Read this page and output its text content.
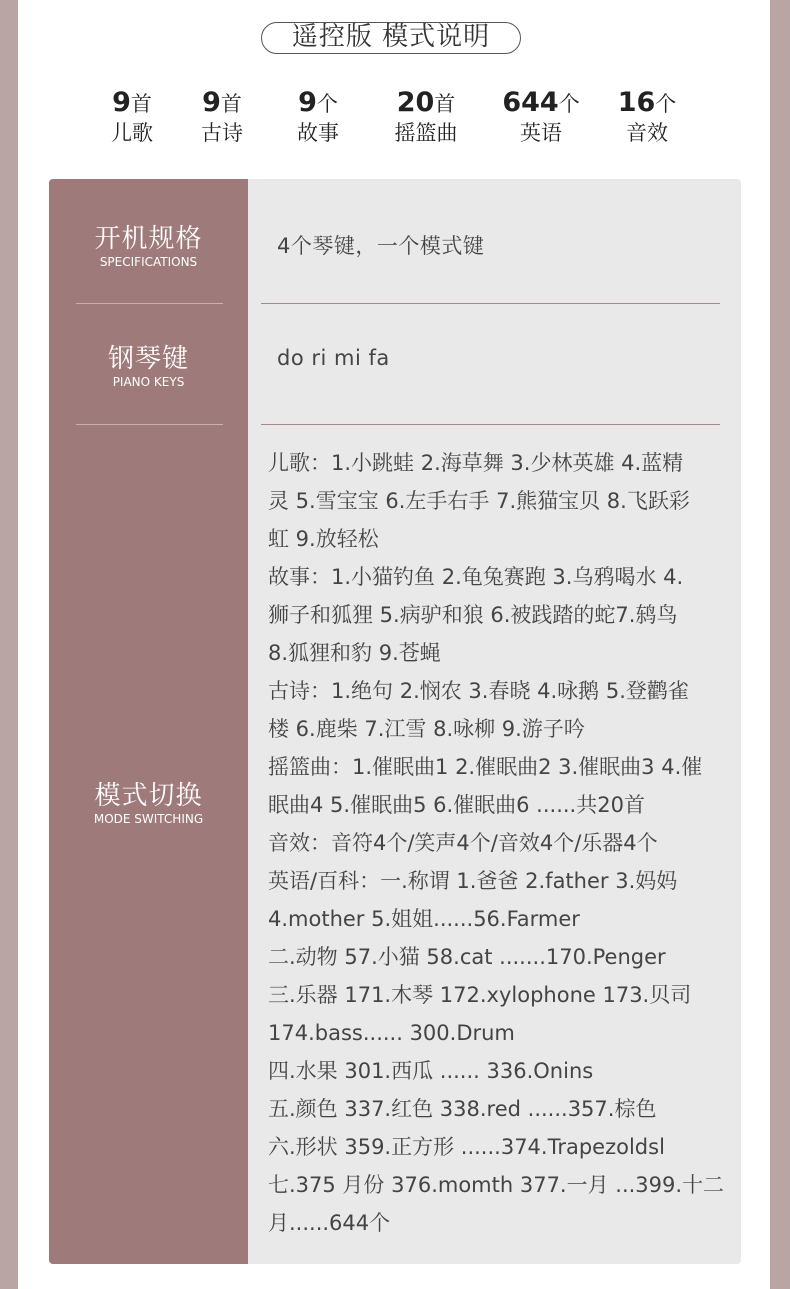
遥控版 模式说明
9首
儿歌
9首
古诗
9个
故事
20首
摇篮曲
644个
英语
16个
音效
开机规格
SPECIFICATIONS
4个琴键，一个模式键
钢琴键
PIANO KEYS
do ri mi fa
模式切换
MODE SWITCHING

儿歌：1.小跳蛙 2.海草舞 3.少林英雄 4.蓝精

灵 5.雪宝宝 6.左手右手 7.熊猫宝贝 8.飞跃彩

虹 9.放轻松

故事：1.小猫钓鱼 2.龟兔赛跑 3.乌鸦喝水 4.

狮子和狐狸 5.病驴和狼 6.被践踏的蛇7.鸫鸟

8.狐狸和豹 9.苍蝇

古诗：1.绝句 2.悯农 3.春晓 4.咏鹅 5.登鹳雀

楼 6.鹿柴 7.江雪 8.咏柳 9.游子吟

摇篮曲：1.催眠曲1 2.催眠曲2 3.催眠曲3 4.催

眠曲4 5.催眠曲5 6.催眠曲6 ......共20首

音效：音符4个/笑声4个/音效4个/乐器4个

英语/百科：一.称谓 1.爸爸 2.father 3.妈妈

4.mother 5.姐姐......56.Farmer

二.动物 57.小猫 58.cat .......170.Penger

三.乐器 171.木琴 172.xylophone 173.贝司

174.bass...... 300.Drum

四.水果 301.西瓜 ...... 336.Onins

五.颜色 337.红色 338.red ......357.棕色

六.形状 359.正方形 ......374.Trapezoldsl

七.375 月份 376.momth 377.一月 ...399.十二

月......644个
